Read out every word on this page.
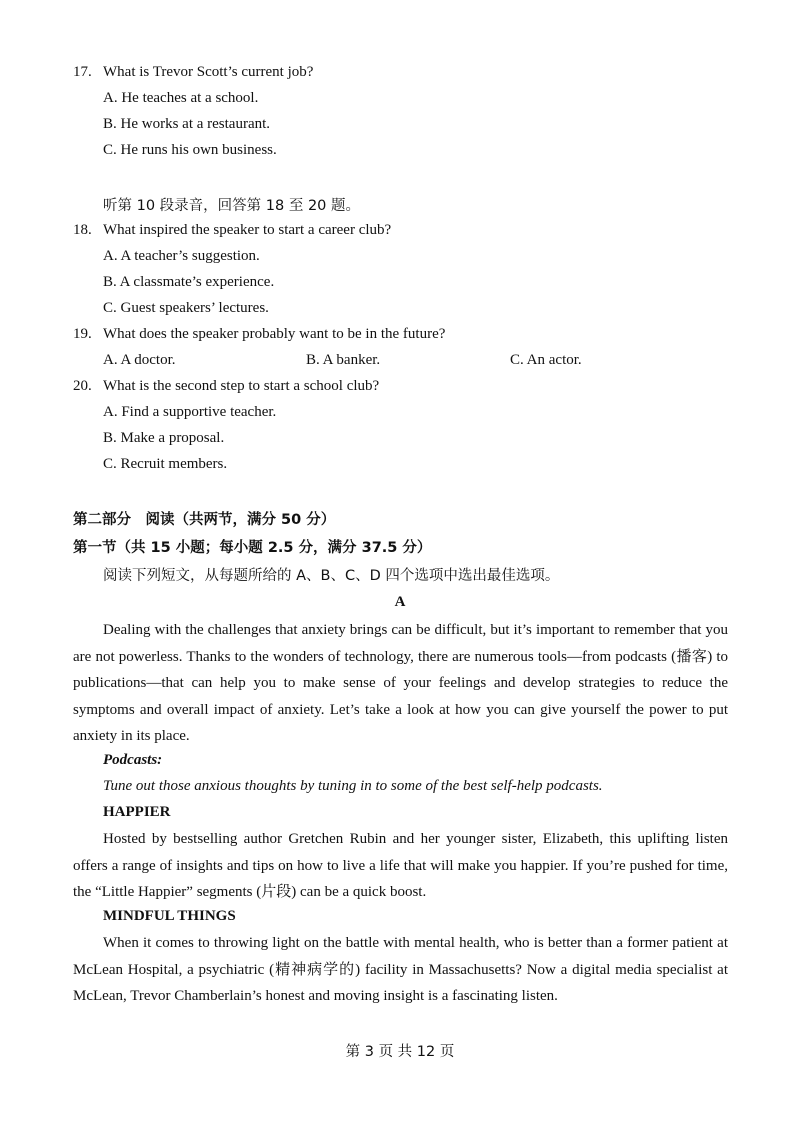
17. What is Trevor Scott’s current job?
A. He teaches at a school.
B. He works at a restaurant.
C. He runs his own business.
听第 10 段录音，回答第 18 至 20 题。
18. What inspired the speaker to start a career club?
A. A teacher’s suggestion.
B. A classmate’s experience.
C. Guest speakers’ lectures.
19. What does the speaker probably want to be in the future?
A. A doctor.	B. A banker.	C. An actor.
20. What is the second step to start a school club?
A. Find a supportive teacher.
B. Make a proposal.
C. Recruit members.
第二部分　阅读（共两节，满分 50 分）
第一节（共 15 小题；每小题 2.5 分，满分 37.5 分）
阅读下列短文，从每题所给的 A、B、C、D 四个选项中选出最佳选项。
A
Dealing with the challenges that anxiety brings can be difficult, but it’s important to remember that you are not powerless. Thanks to the wonders of technology, there are numerous tools—from podcasts (播客) to publications—that can help you to make sense of your feelings and develop strategies to reduce the symptoms and overall impact of anxiety. Let’s take a look at how you can give yourself the power to put anxiety in its place.
Podcasts:
Tune out those anxious thoughts by tuning in to some of the best self-help podcasts.
HAPPIER
Hosted by bestselling author Gretchen Rubin and her younger sister, Elizabeth, this uplifting listen offers a range of insights and tips on how to live a life that will make you happier. If you’re pushed for time, the “Little Happier” segments (片段) can be a quick boost.
MINDFUL THINGS
When it comes to throwing light on the battle with mental health, who is better than a former patient at McLean Hospital, a psychiatric (精神病学的) facility in Massachusetts? Now a digital media specialist at McLean, Trevor Chamberlain’s honest and moving insight is a fascinating listen.
第 3 页 共 12 页
